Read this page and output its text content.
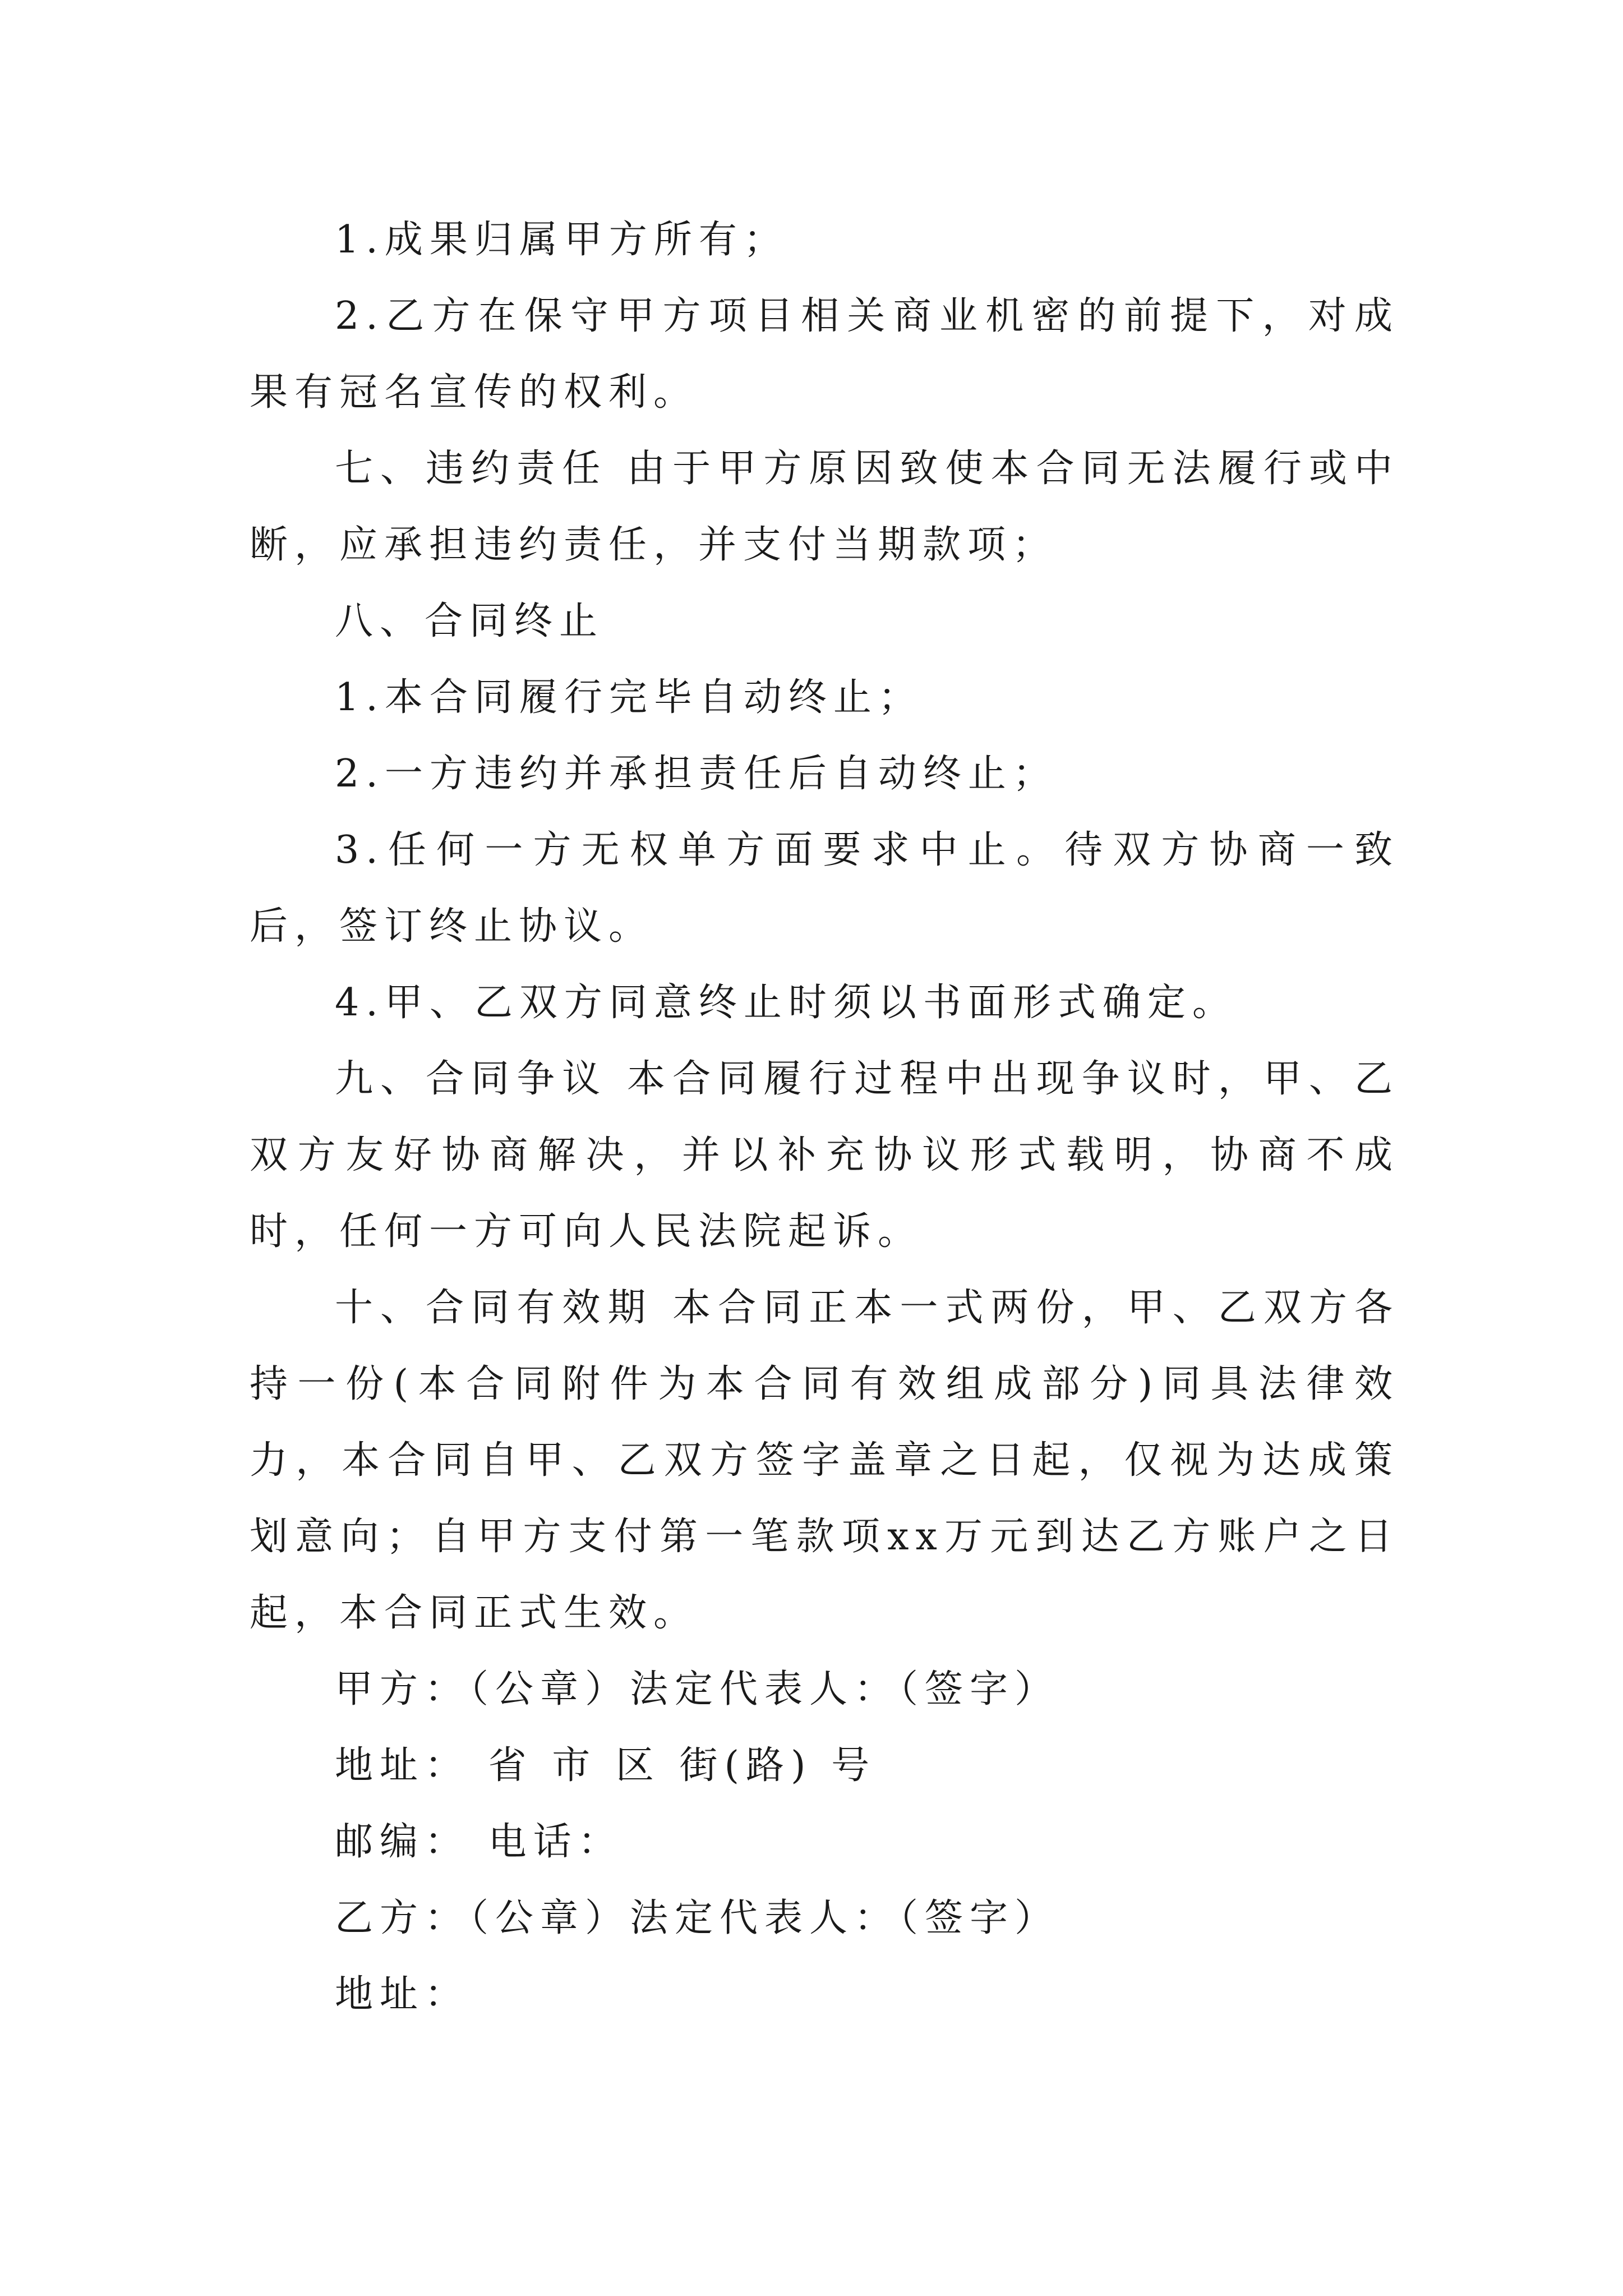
1.成果归属甲方所有；

2.乙方在保守甲方项目相关商业机密的前提下，对成果有冠名宣传的权利。

七、违约责任 由于甲方原因致使本合同无法履行或中断，应承担违约责任，并支付当期款项；

八、合同终止

1.本合同履行完毕自动终止；

2.一方违约并承担责任后自动终止；

3.任何一方无权单方面要求中止。待双方协商一致后，签订终止协议。

4.甲、乙双方同意终止时须以书面形式确定。

九、合同争议 本合同履行过程中出现争议时，甲、乙双方友好协商解决，并以补充协议形式载明，协商不成时，任何一方可向人民法院起诉。

十、合同有效期 本合同正本一式两份，甲、乙双方各持一份(本合同附件为本合同有效组成部分)同具法律效力，本合同自甲、乙双方签字盖章之日起，仅视为达成策划意向；自甲方支付第一笔款项xx万元到达乙方账户之日起，本合同正式生效。

甲方：（公章）法定代表人：（签字）

地址： 省 市 区 街(路) 号

邮编： 电话：

乙方：（公章）法定代表人：（签字）

地址：
